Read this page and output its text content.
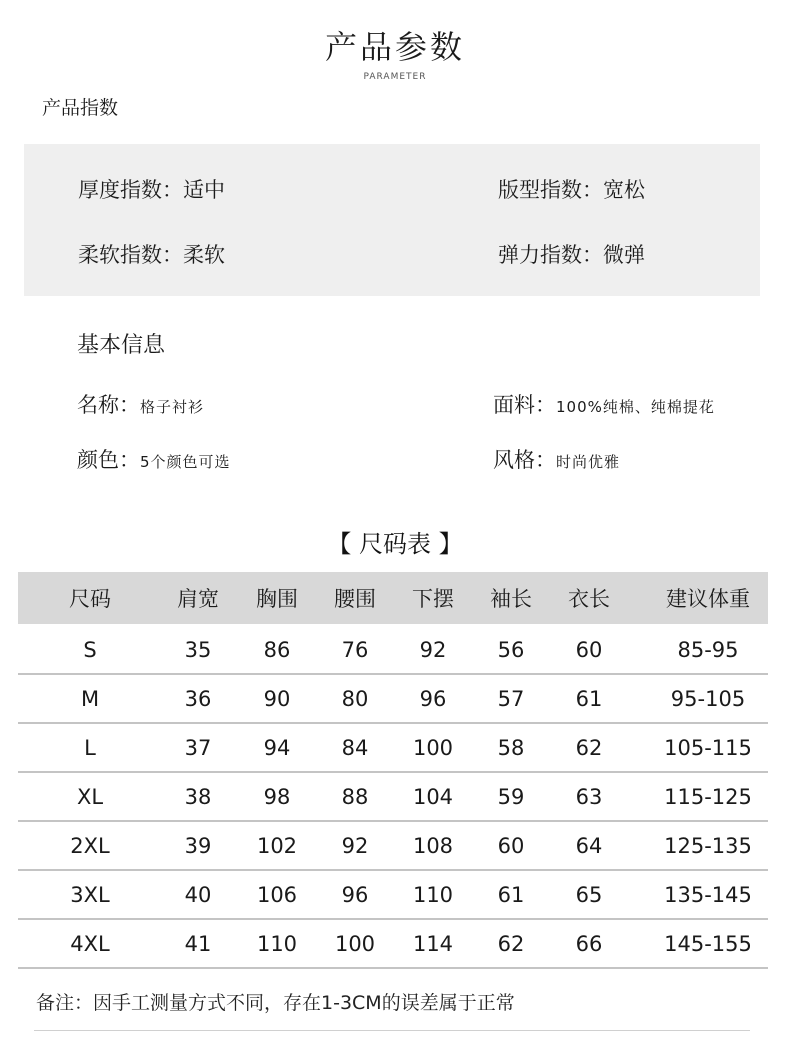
产品参数
PARAMETER
产品指数
厚度指数：适中	版型指数：宽松
柔软指数：柔软	弹力指数：微弹
基本信息
名称：格子衬衫	面料：100%纯棉、纯棉提花
颜色：5个颜色可选	风格：时尚优雅
【 尺码表 】
尺码	肩宽	胸围	腰围	下摆	袖长	衣长	建议体重
S	35	86	76	92	56	60	85-95
M	36	90	80	96	57	61	95-105
L	37	94	84	100	58	62	105-115
XL	38	98	88	104	59	63	115-125
2XL	39	102	92	108	60	64	125-135
3XL	40	106	96	110	61	65	135-145
4XL	41	110	100	114	62	66	145-155
备注：因手工测量方式不同，存在1-3CM的误差属于正常
